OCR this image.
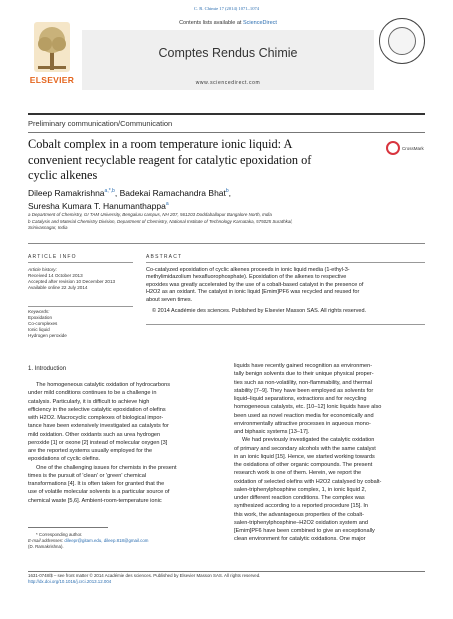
C. R. Chimie 17 (2014) 1071–1074
ELSEVIER
Contents lists available at ScienceDirect
Comptes Rendus Chimie
www.sciencedirect.com
Preliminary communication/Communication
Cobalt complex in a room temperature ionic liquid: A
convenient recyclable reagent for catalytic epoxidation of
cyclic alkenes
CrossMark
Dileep Ramakrishna$^{a,*,b}$, Badekai Ramachandra Bhat$^b$,
Suresha Kumara T. Hanumanthappa$^a$
a Department of Chemistry, GI TAM University, Bengaluru campus, NH 207, 561203 Doddaballapur Bangalore North, India
b Catalysis and Material Chemistry Division, Department of Chemistry, National Institute of Technology Karnataka, 575025 Surathkal,
Srinivasnagar, India
ARTICLE INFO	ABSTRACT
Article history:
Received 14 October 2013
Accepted after revision 10 December 2013
Available online 22 July 2014
Keywords:
Epoxidation
Co-complexes
Ionic liquid
Hydrogen peroxide
Co-catalyzed epoxidation of cyclic alkenes proceeds in ionic liquid media (1-ethyl-3-
methylimidazolium hexafluorophosphate). Epoxidation of the alkenes to respective
epoxides was greatly accelerated by the use of a cobalt-based catalyst in the presence of
H2O2 as an oxidant. The catalyst in ionic liquid [Emim]PF6 was recycled and reused for
about seven times.
© 2014 Académie des sciences. Published by Elsevier Masson SAS. All rights reserved.
1. Introduction
The homogeneous catalytic oxidation of hydrocarbons
under mild conditions continues to be a challenge in
catalysis. Particularly, it is difficult to achieve high
efficiency in the selective catalytic epoxidation of olefins
with H2O2. Macrocyclic complexes of biological impor-
tance have been extensively investigated as catalysts for
mild oxidation. Other oxidants such as urea hydrogen
peroxide [1] or oxone [2] instead of molecular oxygen [3]
are the reported systems usually employed for the
epoxidations of cyclic olefins.
One of the challenging issues for chemists in the present
times is the pursuit of 'clean' or 'green' chemical
transformations [4]. It is often taken for granted that the
use of volatile molecular solvents is a particular source of
chemical waste [5,6]. Ambient-room-temperature ionic
liquids have recently gained recognition as environmen-
tally benign solvents due to their unique physical proper-
ties such as non-volatility, non-flammability, and thermal
stability [7–9]. They have been employed as solvents for
liquid–liquid separations, extractions and for recycling
homogeneous catalysts, etc. [10–12] Ionic liquids have also
been used as novel reaction media for economically and
environmentally attractive processes in aqueous mono-
and biphasic systems [13–17].
We had previously investigated the catalytic oxidation
of primary and secondary alcohols with the same catalyst
in an ionic liquid [15]. Hence, we started working towards
the oxidations of other organic compounds. The present
research work is one of them. Herein, we report the
oxidation of selected olefins with H2O2 catalysed by cobalt-
salen-triphenylphosphine complex, 1, in ionic liquid 2,
under different reaction conditions. The complex was
synthesized according to a reported procedure [15]. In
this work, the advantageous properties of the cobalt-
salen-triphenylphosphine–H2O2 oxidation system and
[Emim]PF6 have been combined to give an exceptionally
clean environment for catalytic oxidations. One major
* Corresponding author.
E-mail addresses: dileepr@gitam.edu, dileep.818@gmail.com
(D. Ramakrishna).
1631-0748/$ – see front matter © 2014 Académie des sciences. Published by Elsevier Masson SAS. All rights reserved.
http://dx.doi.org/10.1016/j.crci.2013.12.004
